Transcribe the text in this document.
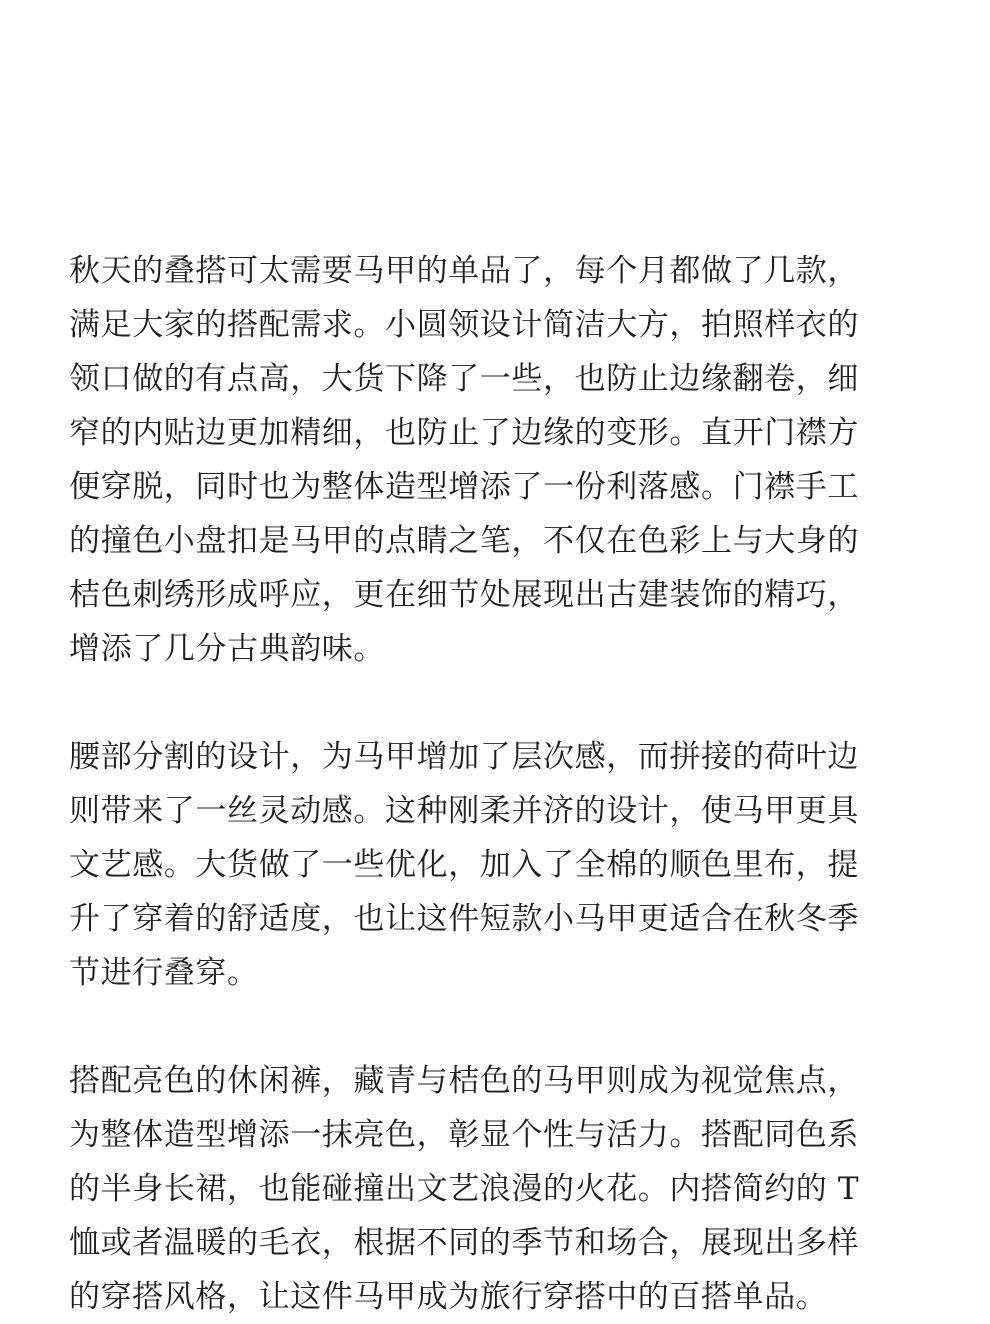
秋天的叠搭可太需要马甲的单品了，每个月都做了几款，
满足大家的搭配需求。小圆领设计简洁大方，拍照样衣的
领口做的有点高，大货下降了一些，也防止边缘翻卷，细
窄的内贴边更加精细，也防止了边缘的变形。直开门襟方
便穿脱，同时也为整体造型增添了一份利落感。门襟手工
的撞色小盘扣是马甲的点睛之笔，不仅在色彩上与大身的
桔色刺绣形成呼应，更在细节处展现出古建装饰的精巧，
增添了几分古典韵味。

腰部分割的设计，为马甲增加了层次感，而拼接的荷叶边
则带来了一丝灵动感。这种刚柔并济的设计，使马甲更具
文艺感。大货做了一些优化，加入了全棉的顺色里布，提
升了穿着的舒适度，也让这件短款小马甲更适合在秋冬季
节进行叠穿。

搭配亮色的休闲裤，藏青与桔色的马甲则成为视觉焦点，
为整体造型增添一抹亮色，彰显个性与活力。搭配同色系
的半身长裙，也能碰撞出文艺浪漫的火花。内搭简约的 T
恤或者温暖的毛衣，根据不同的季节和场合，展现出多样
的穿搭风格，让这件马甲成为旅行穿搭中的百搭单品。
